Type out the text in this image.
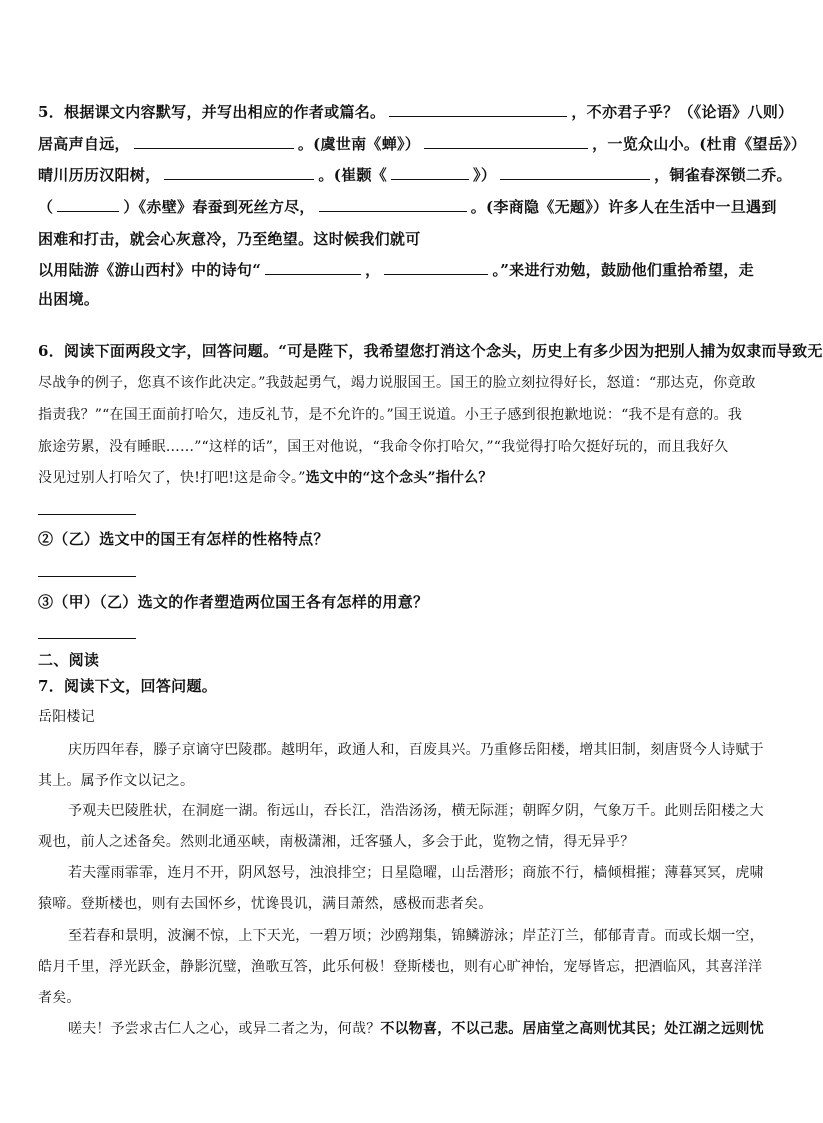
5．根据课文内容默写，并写出相应的作者或篇名。	，不亦君子乎？（《论语》八则）
居高声自远，	。(虞世南《蝉》）	，一览众山小。(杜甫《望岳》）
晴川历历汉阳树，	。(崔颢《	》）	，铜雀春深锁二乔。
（	）《赤壁》春蚕到死丝方尽，	。(李商隐《无题》）许多人在生活中一旦遇到
困难和打击，就会心灰意冷，乃至绝望。这时候我们就可
以用陆游《游山西村》中的诗句“	，	。”来进行劝勉，鼓励他们重拾希望，走
出困境。
6．阅读下面两段文字，回答问题。“可是陛下，我希望您打消这个念头，历史上有多少因为把别人捕为奴隶而导致无
尽战争的例子，您真不该作此决定。”我鼓起勇气，竭力说服国王。国王的脸立刻拉得好长，怒道：“那达克，你竟敢
指责我？”“在国王面前打哈欠，违反礼节，是不允许的。”国王说道。小王子感到很抱歉地说：“我不是有意的。我
旅途劳累，没有睡眠……”“这样的话”，国王对他说，“我命令你打哈欠，”“我觉得打哈欠挺好玩的，而且我好久
没见过别人打哈欠了，快!打吧!这是命令。”选文中的“这个念头”指什么？
②（乙）选文中的国王有怎样的性格特点？
③（甲）（乙）选文的作者塑造两位国王各有怎样的用意？
二、阅读
7．阅读下文，回答问题。
岳阳楼记
庆历四年春，滕子京谪守巴陵郡。越明年，政通人和，百废具兴。乃重修岳阳楼，增其旧制，刻唐贤今人诗赋于
其上。属予作文以记之。
予观夫巴陵胜状，在洞庭一湖。衔远山，吞长江，浩浩汤汤，横无际涯；朝晖夕阴，气象万千。此则岳阳楼之大
观也，前人之述备矣。然则北通巫峡，南极潇湘，迁客骚人，多会于此，览物之情，得无异乎？
若夫霪雨霏霏，连月不开，阴风怒号，浊浪排空；日星隐曜，山岳潜形；商旅不行，樯倾楫摧；薄暮冥冥，虎啸
猿啼。登斯楼也，则有去国怀乡，忧谗畏讥，满目萧然，感极而悲者矣。
至若春和景明，波澜不惊，上下天光，一碧万顷；沙鸥翔集，锦鳞游泳；岸芷汀兰，郁郁青青。而或长烟一空，
皓月千里，浮光跃金，静影沉璧，渔歌互答，此乐何极！登斯楼也，则有心旷神怡，宠辱皆忘，把酒临风，其喜洋洋
者矣。
嗟夫！予尝求古仁人之心，或异二者之为，何哉？不以物喜，不以己悲。居庙堂之高则忧其民；处江湖之远则忧
